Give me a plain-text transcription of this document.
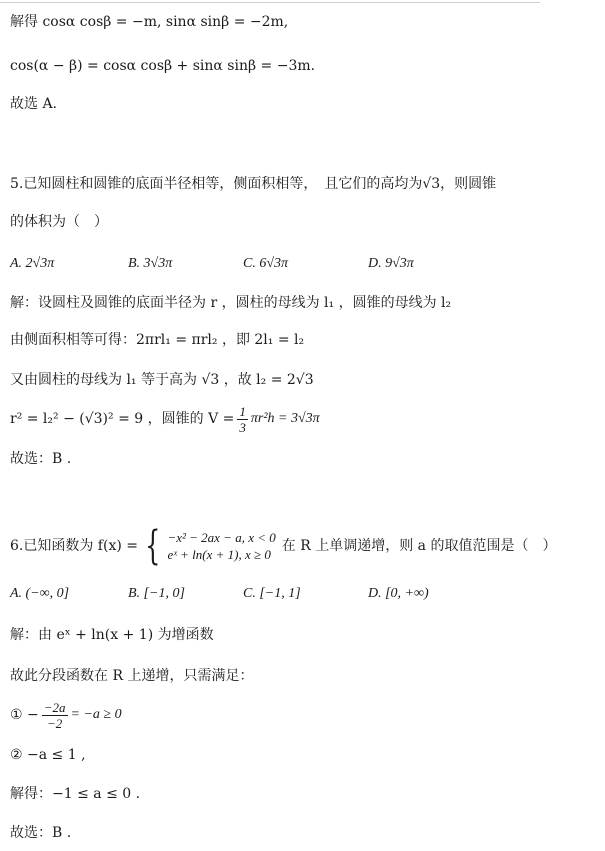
解得 cosα cosβ = −m, sinα sinβ = −2m,
cos(α − β) = cosα cosβ + sinα sinβ = −3m.
故选 A.
5.已知圆柱和圆锥的底面半径相等，侧面积相等，　且它们的高均为√3，则圆锥
的体积为（　）
A. 2√3π	B. 3√3π	C. 6√3π	D. 9√3π
解：设圆柱及圆锥的底面半径为 r ，圆柱的母线为 l₁ ，圆锥的母线为 l₂
由侧面积相等可得：2πrl₁ = πrl₂ ，即 2l₁ = l₂
又由圆柱的母线为 l₁ 等于高为 √3 ，故 l₂ = 2√3
r² = l₂² − (√3)² = 9 ，圆锥的 $V = \frac{1}{3} \pi r^2h = 3√3\pi$
故选：B .
6.已知函数为 f(x) = { −x² − 2ax − a, x < 0
eˣ + ln(x + 1), x ≥ 0
在 R 上单调递增，则 a 的取值范围是（　）
A. (−∞, 0]	B. [−1, 0]	C. [−1, 1]	D. [0, +∞)
解：由 eˣ + ln(x + 1) 为增函数
故此分段函数在 R 上递增，只需满足：
① − $\frac{-2a}{-2} = -a \ge 0$
② −a ≤ 1 ,
解得：−1 ≤ a ≤ 0 .
故选：B .
